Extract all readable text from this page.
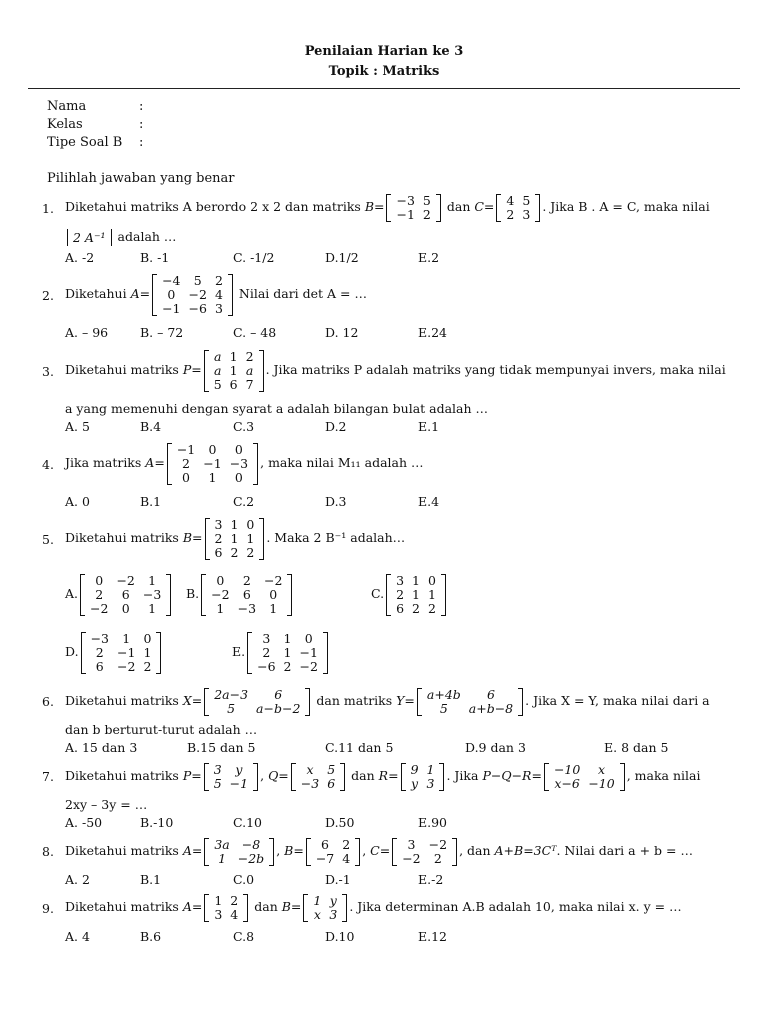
Penilaian Harian ke 3
Topik : Matriks
Nama	:
Kelas	:
Tipe Soal B :
Pilihlah jawaban yang benar
1. Diketahui matriks A berordo 2 x 2 dan matriks B= −3	5
−1	2 dan C= 4	5
2	3 . Jika B . A = C, maka nilai
2 A⁻¹ adalah …
A. -2	B. -1	C. -1/2	D.1/2	E.2
2. Diketahui A=
−4	5	2
0	−2	4
−1	−6	3
Nilai dari det A = …
A. – 96	B. – 72	C. – 48	D. 12	E.24
3. Diketahui matriks P=
a	1	2
a	1	a
5	6	7
. Jika matriks P adalah matriks yang tidak mempunyai invers, maka nilai
a yang memenuhi dengan syarat a adalah bilangan bulat adalah …
A. 5	B.4	C.3	D.2	E.1
4. Jika matriks A=
−1	0	0
2	−1	−3
0	1	0
, maka nilai M₁₁ adalah …
A. 0	B.1	C.2	D.3	E.4
5. Diketahui matriks B=
3	1	0
2	1	1
6	2	2
. Maka 2 B⁻¹ adalah…
A.
0	−2	1
2	6	−3
−2	0	1
B.
0	2	−2
−2	6	0
1	−3	1
C.
3	1	0
2	1	1
6	2	2
D.
−3	1	0
2	−1	1
6	−2	2
E.
3	1	0
2	1	−1
−6	2	−2
6. Diketahui matriks X= 2a−3	6
5	a−b−2 dan matriks Y= a+4b	6
5	a+b−8 . Jika X = Y, maka nilai dari a
dan b berturut-turut adalah …
A. 15 dan 3	B.15 dan 5	C.11 dan 5	D.9 dan 3	E. 8 dan 5
7. Diketahui matriks P= 3	y
5	−1 , Q= x	5
−3	6 dan R= 9	1
y	3 . Jika P−Q−R= −10	x
x−6	−10 , maka nilai
2xy – 3y = …
A. -50	B.-10	C.10	D.50	E.90
8. Diketahui matriks A= 3a	−8
1	−2b , B= 6	2
−7	4 , C= 3	−2
−2	2 , dan A+B=3Cᵀ. Nilai dari a + b = …
A. 2	B.1	C.0	D.-1	E.-2
9. Diketahui matriks A= 1	2
3	4 dan B= 1	y
x	3 . Jika determinan A.B adalah 10, maka nilai x. y = …
A. 4	B.6	C.8	D.10	E.12
